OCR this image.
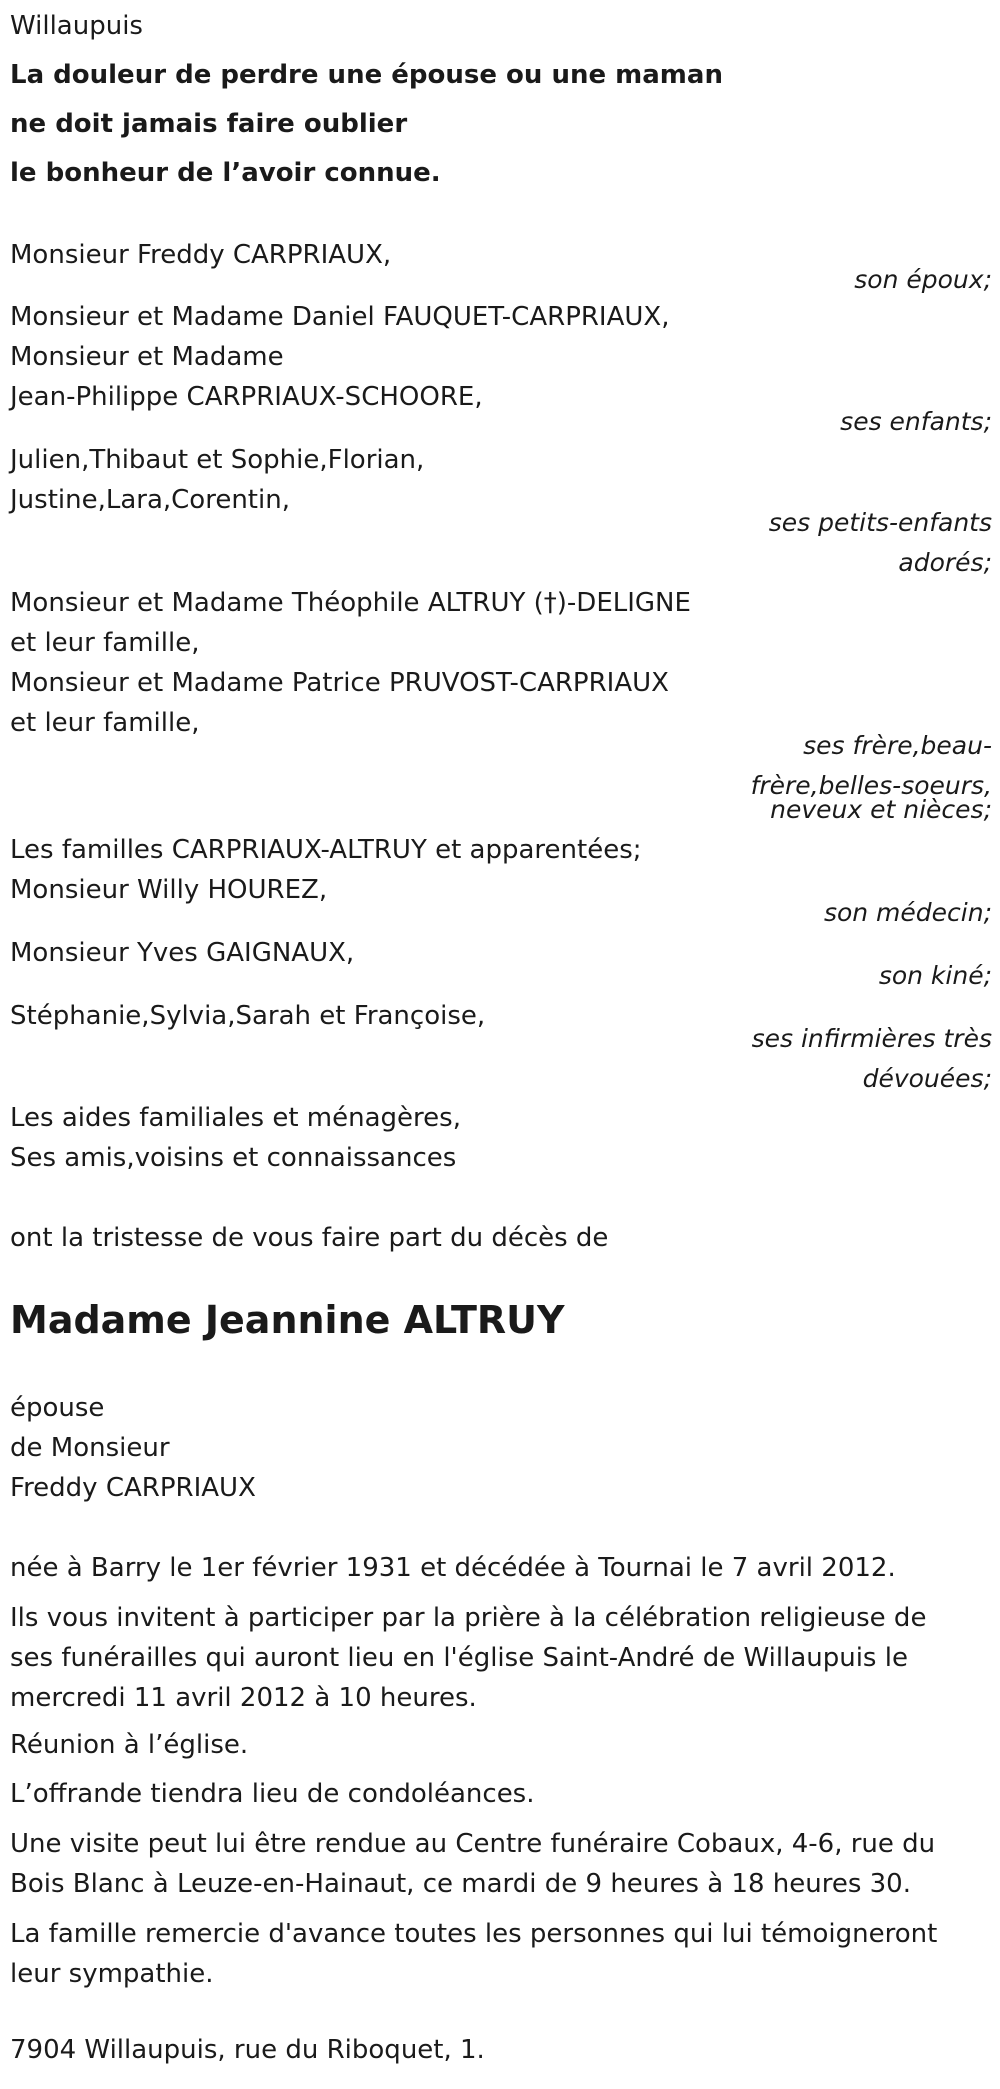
Willaupuis

La douleur de perdre une épouse ou une maman

ne doit jamais faire oublier

le bonheur de l’avoir connue.

Monsieur Freddy CARPRIAUX,

son époux;

Monsieur et Madame Daniel FAUQUET-CARPRIAUX,

Monsieur et Madame

Jean-Philippe CARPRIAUX-SCHOORE,

ses enfants;

Julien,Thibaut et Sophie,Florian,

Justine,Lara,Corentin,

ses petits-enfants

adorés;

Monsieur et Madame Théophile ALTRUY (†)-DELIGNE

et leur famille,

Monsieur et Madame Patrice PRUVOST-CARPRIAUX

et leur famille,

ses frère,beau-

frère,belles-soeurs,

neveux et nièces;

Les familles CARPRIAUX-ALTRUY et apparentées;

Monsieur Willy HOUREZ,

son médecin;

Monsieur Yves GAIGNAUX,

son kiné;

Stéphanie,Sylvia,Sarah et Françoise,

ses infirmières très

dévouées;

Les aides familiales et ménagères,

Ses amis,voisins et connaissances

ont la tristesse de vous faire part du décès de

Madame Jeannine ALTRUY

épouse

de Monsieur

Freddy CARPRIAUX

née à Barry le 1er février 1931 et décédée à Tournai le 7 avril 2012.

Ils vous invitent à participer par la prière à la célébration religieuse de ses funérailles qui auront lieu en l'église Saint-André de Willaupuis le mercredi 11 avril 2012 à 10 heures.

Réunion à l’église.

L’offrande tiendra lieu de condoléances.

Une visite peut lui être rendue au Centre funéraire Cobaux, 4-6, rue du Bois Blanc à Leuze-en-Hainaut, ce mardi de 9 heures à 18 heures 30.

La famille remercie d'avance toutes les personnes qui lui témoigneront leur sympathie.

7904 Willaupuis, rue du Riboquet, 1.
